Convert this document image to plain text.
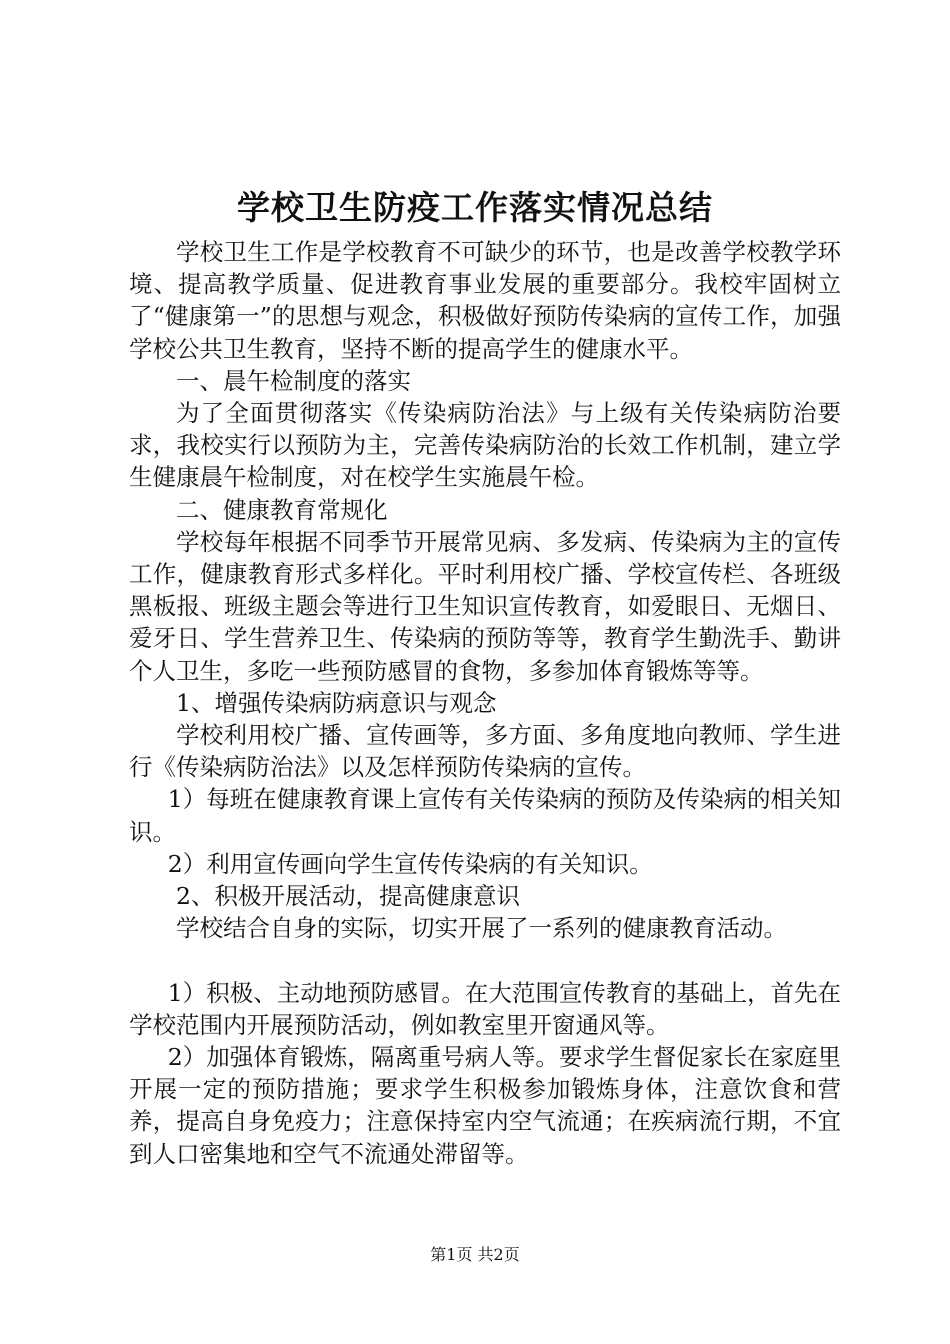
学校卫生防疫工作落实情况总结

学校卫生工作是学校教育不可缺少的环节，也是改善学校教学环境、提高教学质量、促进教育事业发展的重要部分。我校牢固树立了“健康第一”的思想与观念，积极做好预防传染病的宣传工作，加强学校公共卫生教育，坚持不断的提高学生的健康水平。

一、晨午检制度的落实

为了全面贯彻落实《传染病防治法》与上级有关传染病防治要求，我校实行以预防为主，完善传染病防治的长效工作机制，建立学生健康晨午检制度，对在校学生实施晨午检。

二、健康教育常规化

学校每年根据不同季节开展常见病、多发病、传染病为主的宣传工作，健康教育形式多样化。平时利用校广播、学校宣传栏、各班级黑板报、班级主题会等进行卫生知识宣传教育，如爱眼日、无烟日、爱牙日、学生营养卫生、传染病的预防等等，教育学生勤洗手、勤讲个人卫生，多吃一些预防感冒的食物，多参加体育锻炼等等。

1、增强传染病防病意识与观念

学校利用校广播、宣传画等，多方面、多角度地向教师、学生进行《传染病防治法》以及怎样预防传染病的宣传。

1）每班在健康教育课上宣传有关传染病的预防及传染病的相关知识。

2）利用宣传画向学生宣传传染病的有关知识。

2、积极开展活动，提高健康意识

学校结合自身的实际，切实开展了一系列的健康教育活动。

1）积极、主动地预防感冒。在大范围宣传教育的基础上，首先在学校范围内开展预防活动，例如教室里开窗通风等。

2）加强体育锻炼，隔离重号病人等。要求学生督促家长在家庭里开展一定的预防措施；要求学生积极参加锻炼身体，注意饮食和营养，提高自身免疫力；注意保持室内空气流通；在疾病流行期，不宜到人口密集地和空气不流通处滞留等。

第1页 共2页
